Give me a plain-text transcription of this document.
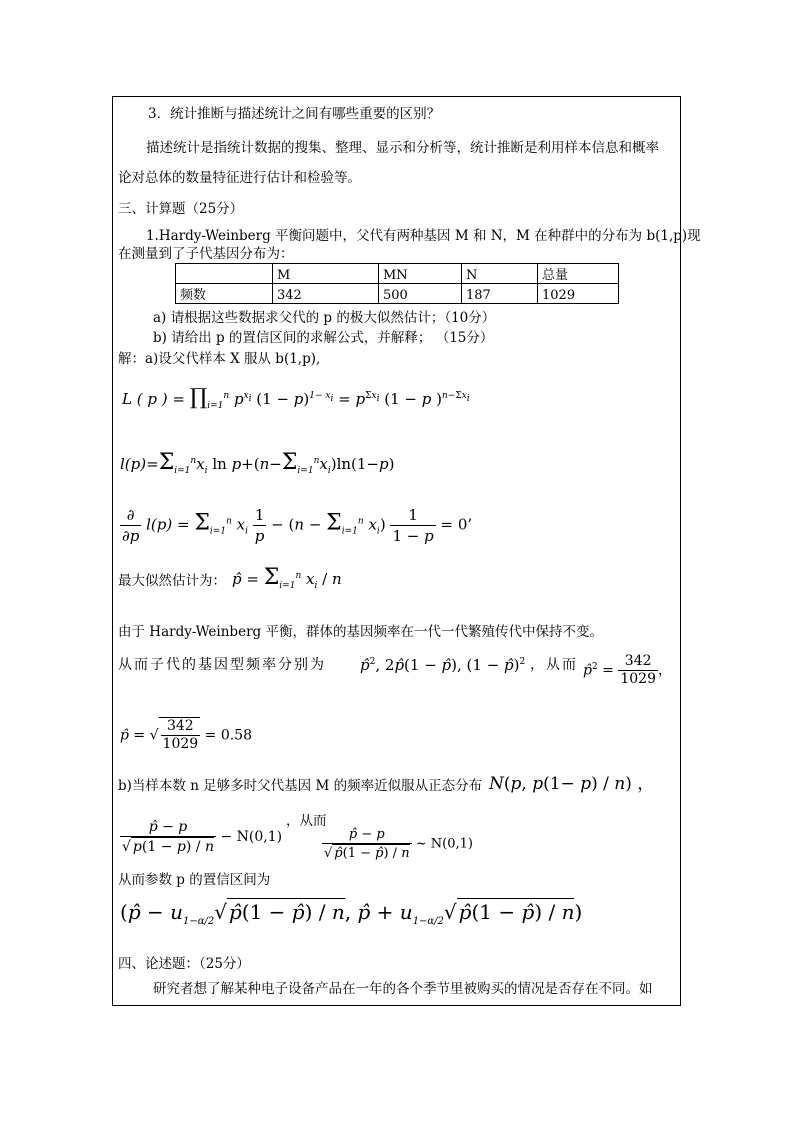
3．统计推断与描述统计之间有哪些重要的区别？
描述统计是指统计数据的搜集、整理、显示和分析等，统计推断是利用样本信息和概率
论对总体的数量特征进行估计和检验等。
三、计算题（25分）
1.Hardy-Weinberg 平衡问题中，父代有两种基因 M 和 N，M 在种群中的分布为 b(1,p)现
在测量到了子代基因分布为：
	M	MN	N	总量
频数	342	500	187	1029
a) 请根据这些数据求父代的 p 的极大似然估计；（10分）
b) 请给出 p 的置信区间的求解公式，并解释； （15分）
解：a)设父代样本 X 服从 b(1,p),
L ( p ) = $\prod_{i=1}^n$ $p^{x_i}$ $(1 - p)^{1- x_i} = p^{\Sigma x_i}$ (1 − p )$^{n-\Sigma x_i}$
$l(p)=\Sigma_{i=1}^nx_i$ $\ln p+(n-\Sigma_{i=1}^nx_i)\ln(1-p)$
$\frac{\partial}{\partial p} l(p) = \Sigma_{i=1}^n$ $x_i \frac{1}{p} - (n - \Sigma_{i=1}^n$ $x_i) \frac{1}{1 - p} = 0$’
最大似然估计为： p̂ = $\Sigma_{i=1}^n$ $x_i$ / n
由于 Hardy-Weinberg 平衡，群体的基因频率在一代一代繁殖传代中保持不变。
从而子代的基因型频率分别为 p̂$^2$, 2p̂(1 − p̂), (1 − p̂)$^2$ ，从而 p̂$^2$ = $\frac{342}{1029}$ ，
p̂ = √ $\frac{342}{1029} = 0.58$
b)当样本数 n 足够多时父代基因 M 的频率近似服从正态分布 N(p, p(1− p) / n) ，
$\frac{p̂ - p}{√ p(1 - p) / n} - N(0,1)$
，从而
$\frac{p̂ - p}{√ p̂(1 - p̂) / n}$ ~ N(0,1)
从而参数 p 的置信区间为
(p̂ − $u_{1-\alpha/2}√$ p̂(1 − p̂) / n, p̂ + $u_{1-\alpha/2}√$ p̂(1 − p̂) / n)
四、论述题：（25分）
研究者想了解某种电子设备产品在一年的各个季节里被购买的情况是否存在不同。如
